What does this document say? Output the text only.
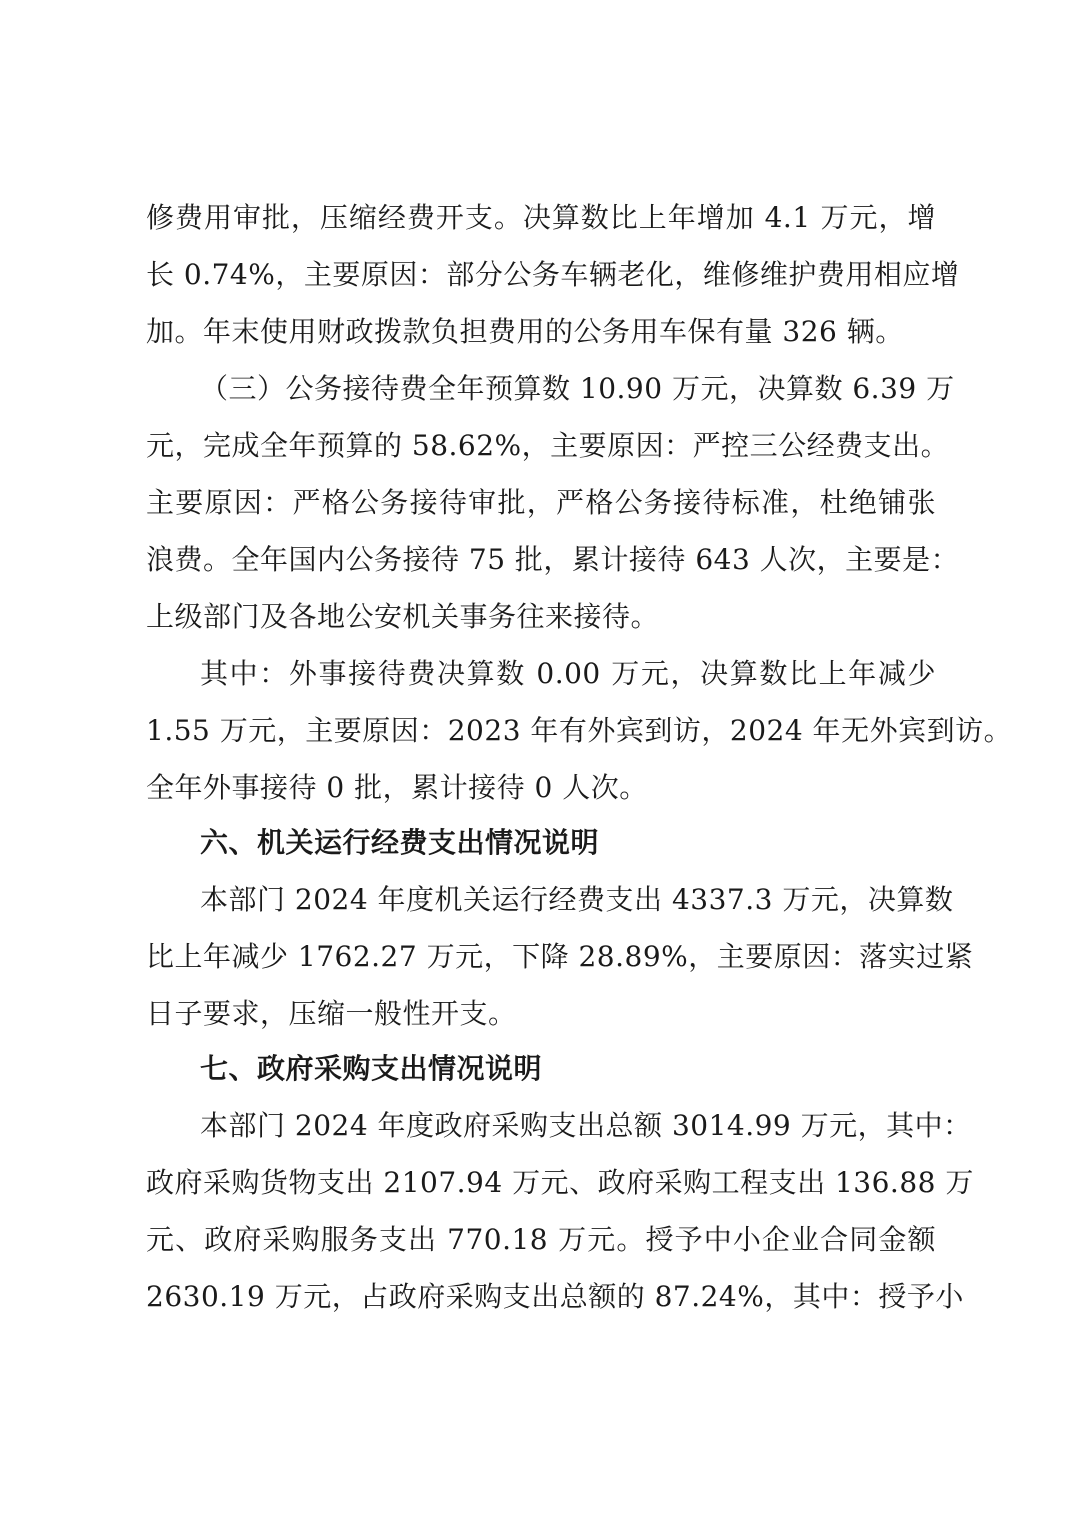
修费用审批，压缩经费开支。决算数比上年增加 4.1 万元，增
长 0.74%，主要原因：部分公务车辆老化，维修维护费用相应增
加。年末使用财政拨款负担费用的公务用车保有量 326 辆。
（三）公务接待费全年预算数 10.90 万元，决算数 6.39 万
元，完成全年预算的 58.62%，主要原因：严控三公经费支出。
主要原因：严格公务接待审批，严格公务接待标准，杜绝铺张
浪费。全年国内公务接待 75 批，累计接待 643 人次，主要是：
上级部门及各地公安机关事务往来接待。
其中：外事接待费决算数 0.00 万元，决算数比上年减少
1.55 万元，主要原因：2023 年有外宾到访，2024 年无外宾到访。
全年外事接待 0 批，累计接待 0 人次。
六、机关运行经费支出情况说明
本部门 2024 年度机关运行经费支出 4337.3 万元，决算数
比上年减少 1762.27 万元，下降 28.89%，主要原因：落实过紧
日子要求，压缩一般性开支。
七、政府采购支出情况说明
本部门 2024 年度政府采购支出总额 3014.99 万元，其中：
政府采购货物支出 2107.94 万元、政府采购工程支出 136.88 万
元、政府采购服务支出 770.18 万元。授予中小企业合同金额
2630.19 万元，占政府采购支出总额的 87.24%，其中：授予小
